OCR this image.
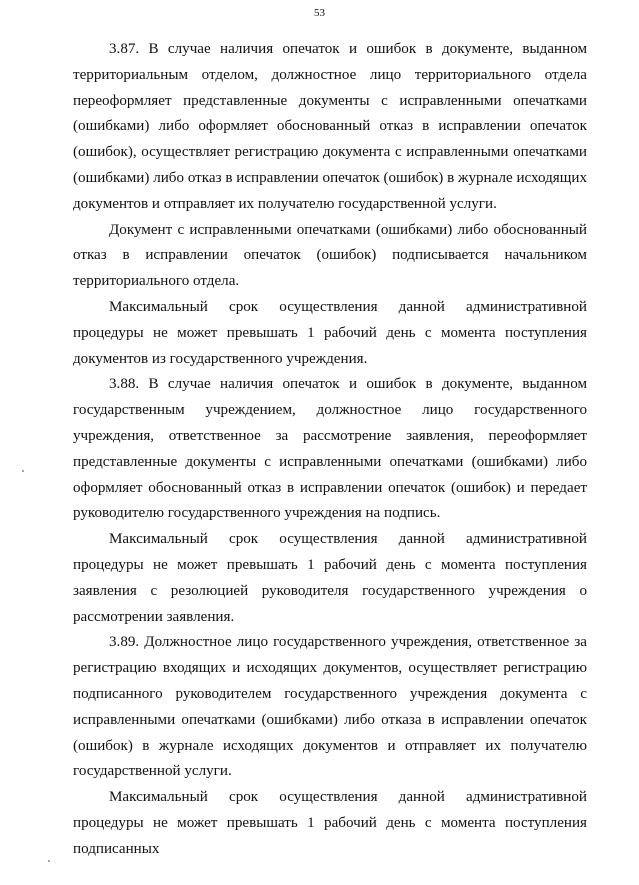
53

3.87. В случае наличия опечаток и ошибок в документе, выданном территориальным отделом, должностное лицо территориального отдела переоформляет представленные документы с исправленными опечатками (ошибками) либо оформляет обоснованный отказ в исправлении опечаток (ошибок), осуществляет регистрацию документа с исправленными опечатками (ошибками) либо отказ в исправлении опечаток (ошибок) в журнале исходящих документов и отправляет их получателю государственной услуги.

Документ с исправленными опечатками (ошибками) либо обоснованный отказ в исправлении опечаток (ошибок) подписывается начальником территориального отдела.

Максимальный срок осуществления данной административной процедуры не может превышать 1 рабочий день с момента поступления документов из государственного учреждения.

3.88. В случае наличия опечаток и ошибок в документе, выданном государственным учреждением, должностное лицо государственного учреждения, ответственное за рассмотрение заявления, переоформляет представленные документы с исправленными опечатками (ошибками) либо оформляет обоснованный отказ в исправлении опечаток (ошибок) и передает руководителю государственного учреждения на подпись.

Максимальный срок осуществления данной административной процедуры не может превышать 1 рабочий день с момента поступления заявления с резолюцией руководителя государственного учреждения о рассмотрении заявления.

3.89. Должностное лицо государственного учреждения, ответственное за регистрацию входящих и исходящих документов, осуществляет регистрацию подписанного руководителем государственного учреждения документа с исправленными опечатками (ошибками) либо отказа в исправлении опечаток (ошибок) в журнале исходящих документов и отправляет их получателю государственной услуги.

Максимальный срок осуществления данной административной процедуры не может превышать 1 рабочий день с момента поступления подписанных
